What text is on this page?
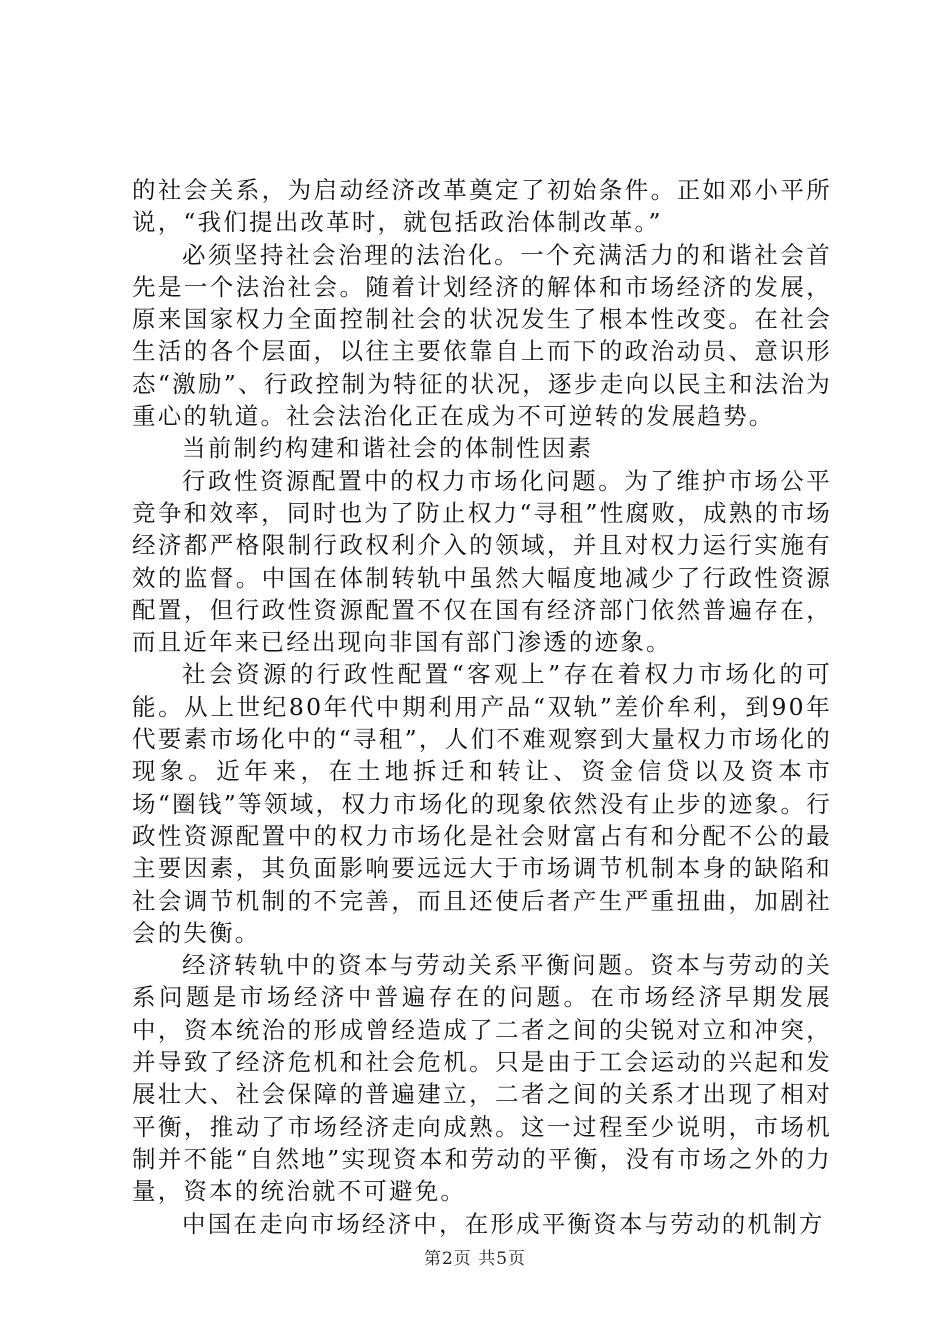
的社会关系，为启动经济改革奠定了初始条件。正如邓小平所说，“我们提出改革时，就包括政治体制改革。”

必须坚持社会治理的法治化。一个充满活力的和谐社会首先是一个法治社会。随着计划经济的解体和市场经济的发展，原来国家权力全面控制社会的状况发生了根本性改变。在社会生活的各个层面，以往主要依靠自上而下的政治动员、意识形态“激励”、行政控制为特征的状况，逐步走向以民主和法治为重心的轨道。社会法治化正在成为不可逆转的发展趋势。

当前制约构建和谐社会的体制性因素

行政性资源配置中的权力市场化问题。为了维护市场公平竞争和效率，同时也为了防止权力“寻租”性腐败，成熟的市场经济都严格限制行政权利介入的领域，并且对权力运行实施有效的监督。中国在体制转轨中虽然大幅度地减少了行政性资源配置，但行政性资源配置不仅在国有经济部门依然普遍存在，而且近年来已经出现向非国有部门渗透的迹象。

社会资源的行政性配置“客观上”存在着权力市场化的可能。从上世纪80年代中期利用产品“双轨”差价牟利，到90年代要素市场化中的“寻租”，人们不难观察到大量权力市场化的现象。近年来，在土地拆迁和转让、资金信贷以及资本市场“圈钱”等领域，权力市场化的现象依然没有止步的迹象。行政性资源配置中的权力市场化是社会财富占有和分配不公的最主要因素，其负面影响要远远大于市场调节机制本身的缺陷和社会调节机制的不完善，而且还使后者产生严重扭曲，加剧社会的失衡。

经济转轨中的资本与劳动关系平衡问题。资本与劳动的关系问题是市场经济中普遍存在的问题。在市场经济早期发展中，资本统治的形成曾经造成了二者之间的尖锐对立和冲突，并导致了经济危机和社会危机。只是由于工会运动的兴起和发展壮大、社会保障的普遍建立，二者之间的关系才出现了相对平衡，推动了市场经济走向成熟。这一过程至少说明，市场机制并不能“自然地”实现资本和劳动的平衡，没有市场之外的力量，资本的统治就不可避免。

中国在走向市场经济中，在形成平衡资本与劳动的机制方

第2页 共5页
